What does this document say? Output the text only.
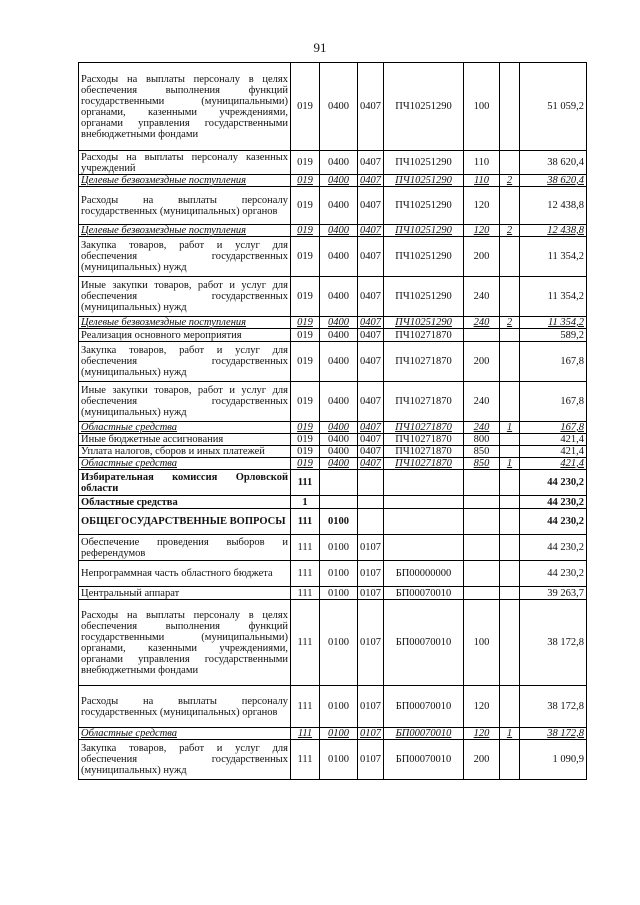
91
Расходы на выплаты персоналу в целях обеспечения выполнения функций государственными (муниципальными) органами, казенными учреждениями, органами управления государственными внебюджетными фондами	019	0400	0407	ПЧ10251290	100		51 059,2
Расходы на выплаты персоналу казенных учреждений	019	0400	0407	ПЧ10251290	110		38 620,4
Целевые безвозмездные поступления	019	0400	0407	ПЧ10251290	110	2	38 620,4
Расходы на выплаты персоналу государственных (муниципальных) органов	019	0400	0407	ПЧ10251290	120		12 438,8
Целевые безвозмездные поступления	019	0400	0407	ПЧ10251290	120	2	12 438,8
Закупка товаров, работ и услуг для обеспечения государственных (муниципальных) нужд	019	0400	0407	ПЧ10251290	200		11 354,2
Иные закупки товаров, работ и услуг для обеспечения государственных (муниципальных) нужд	019	0400	0407	ПЧ10251290	240		11 354,2
Целевые безвозмездные поступления	019	0400	0407	ПЧ10251290	240	2	11 354,2
Реализация основного мероприятия	019	0400	0407	ПЧ10271870			589,2
Закупка товаров, работ и услуг для обеспечения государственных (муниципальных) нужд	019	0400	0407	ПЧ10271870	200		167,8
Иные закупки товаров, работ и услуг для обеспечения государственных (муниципальных) нужд	019	0400	0407	ПЧ10271870	240		167,8
Областные средства	019	0400	0407	ПЧ10271870	240	1	167,8
Иные бюджетные ассигнования	019	0400	0407	ПЧ10271870	800		421,4
Уплата налогов, сборов и иных платежей	019	0400	0407	ПЧ10271870	850		421,4
Областные средства	019	0400	0407	ПЧ10271870	850	1	421,4
Избирательная комиссия Орловской области	111						44 230,2
Областные средства	1						44 230,2
ОБЩЕГОСУДАРСТВЕННЫЕ ВОПРОСЫ	111	0100					44 230,2
Обеспечение проведения выборов и референдумов	111	0100	0107				44 230,2
Непрограммная часть областного бюджета	111	0100	0107	БП00000000			44 230,2
Центральный аппарат	111	0100	0107	БП00070010			39 263,7
Расходы на выплаты персоналу в целях обеспечения выполнения функций государственными (муниципальными) органами, казенными учреждениями, органами управления государственными внебюджетными фондами	111	0100	0107	БП00070010	100		38 172,8
Расходы на выплаты персоналу государственных (муниципальных) органов	111	0100	0107	БП00070010	120		38 172,8
Областные средства	111	0100	0107	БП00070010	120	1	38 172,8
Закупка товаров, работ и услуг для обеспечения государственных (муниципальных) нужд	111	0100	0107	БП00070010	200		1 090,9
